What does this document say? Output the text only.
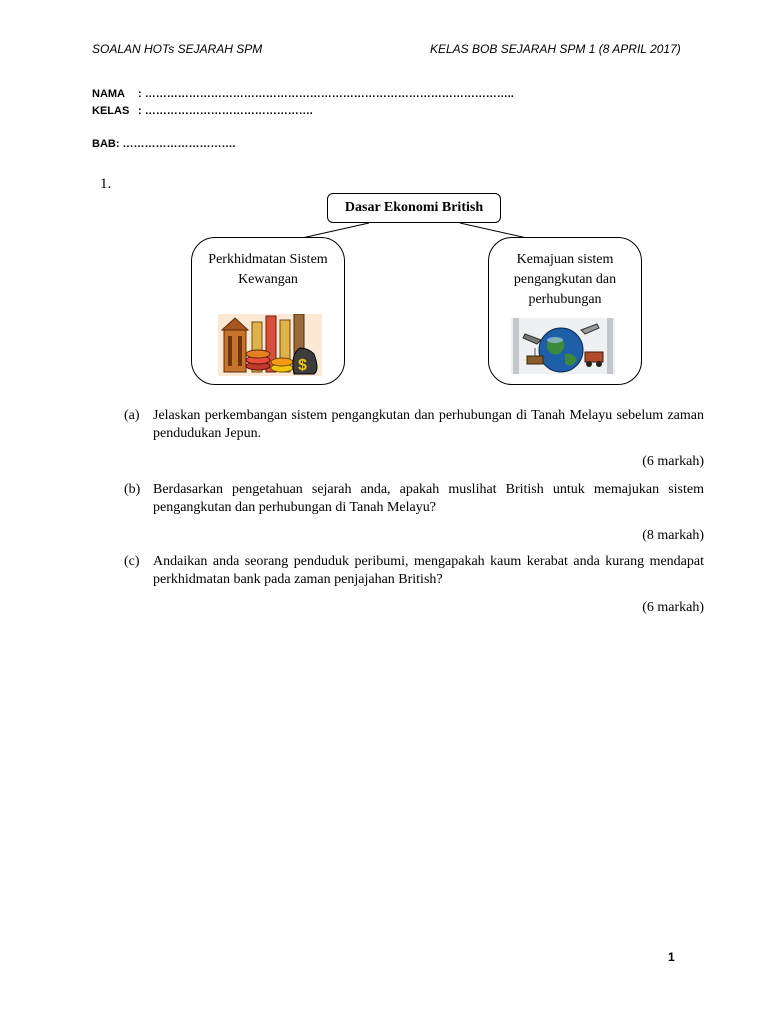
SOALAN HOTs SEJARAH SPM	KELAS BOB SEJARAH SPM 1 (8 APRIL 2017)
NAMA : ………………………………………………………………………………………..
KELAS : ……………………………………….
BAB: ………………………….
1.
Dasar Ekonomi British
Perkhidmatan Sistem Kewangan
$
Kemajuan sistem pengangkutan dan perhubungan
(a) Jelaskan perkembangan sistem pengangkutan dan perhubungan di Tanah Melayu sebelum zaman pendudukan Jepun.
(6 markah)
(b) Berdasarkan pengetahuan sejarah anda, apakah muslihat British untuk memajukan sistem pengangkutan dan perhubungan di Tanah Melayu?
(8 markah)
(c) Andaikan anda seorang penduduk peribumi, mengapakah kaum kerabat anda kurang mendapat perkhidmatan bank pada zaman penjajahan British?
(6 markah)
1
